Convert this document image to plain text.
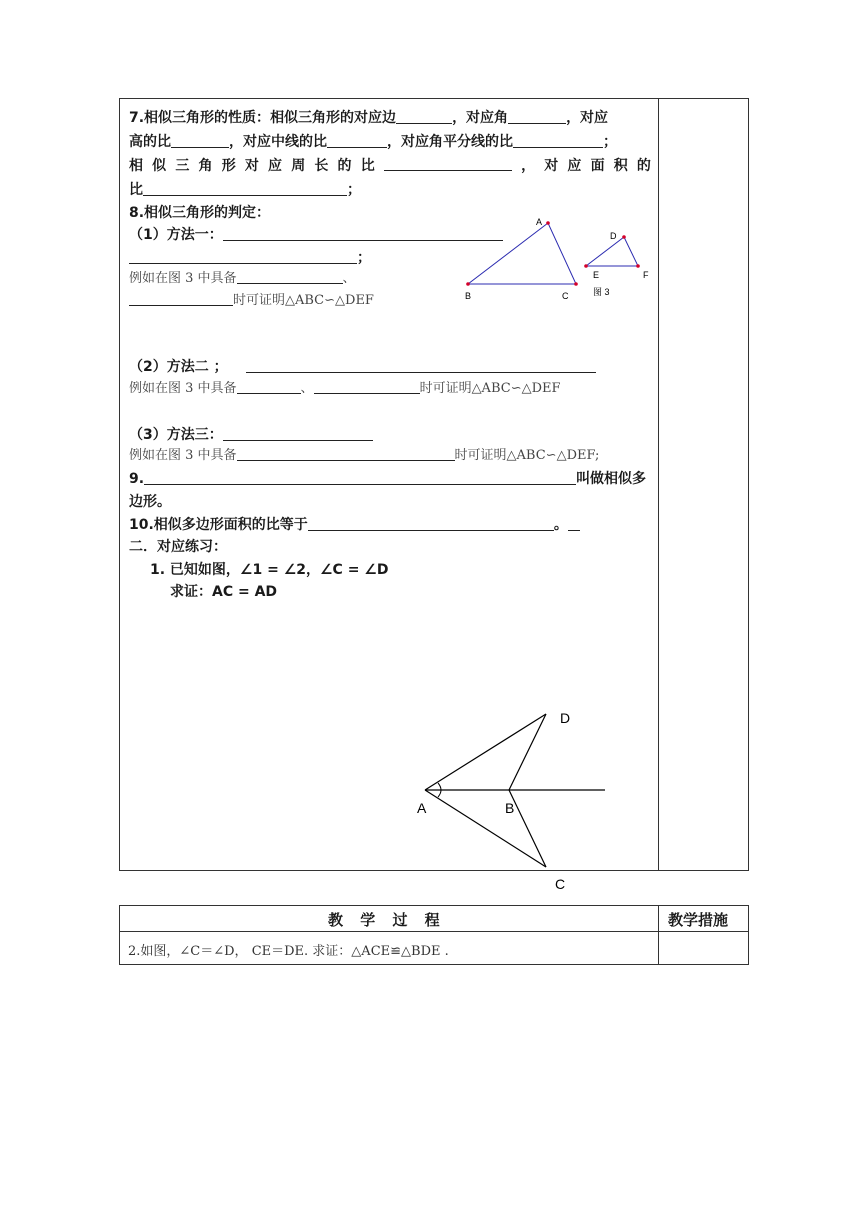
7.相似三角形的性质：相似三角形的对应边	，对应角	，对应
高的比	，对应中线的比	，对应角平分线的比	；
相 似 三 角 形 对 应 周 长 的 比	， 对 应 面 积 的
比	；
8.相似三角形的判定：
（1）方法一：
；
例如在图 3 中具备	、
时可证明△ABC∽△DEF
A
B	C
D
E	F
图 3
（2）方法二 ；
例如在图 3 中具备	、	时可证明△ABC∽△DEF
（3）方法三：
例如在图 3 中具备	时可证明△ABC∽△DEF;
9.	叫做相似多
边形。
10.相似多边形面积的比等于	。
二．对应练习：
1. 已知如图，∠1 = ∠2，∠C = ∠D
求证：AC = AD
A	B
C
D
教 学 过 程	教学措施
2.如图，∠C＝∠D， CE＝DE. 求证：△ACE≌△BDE .
